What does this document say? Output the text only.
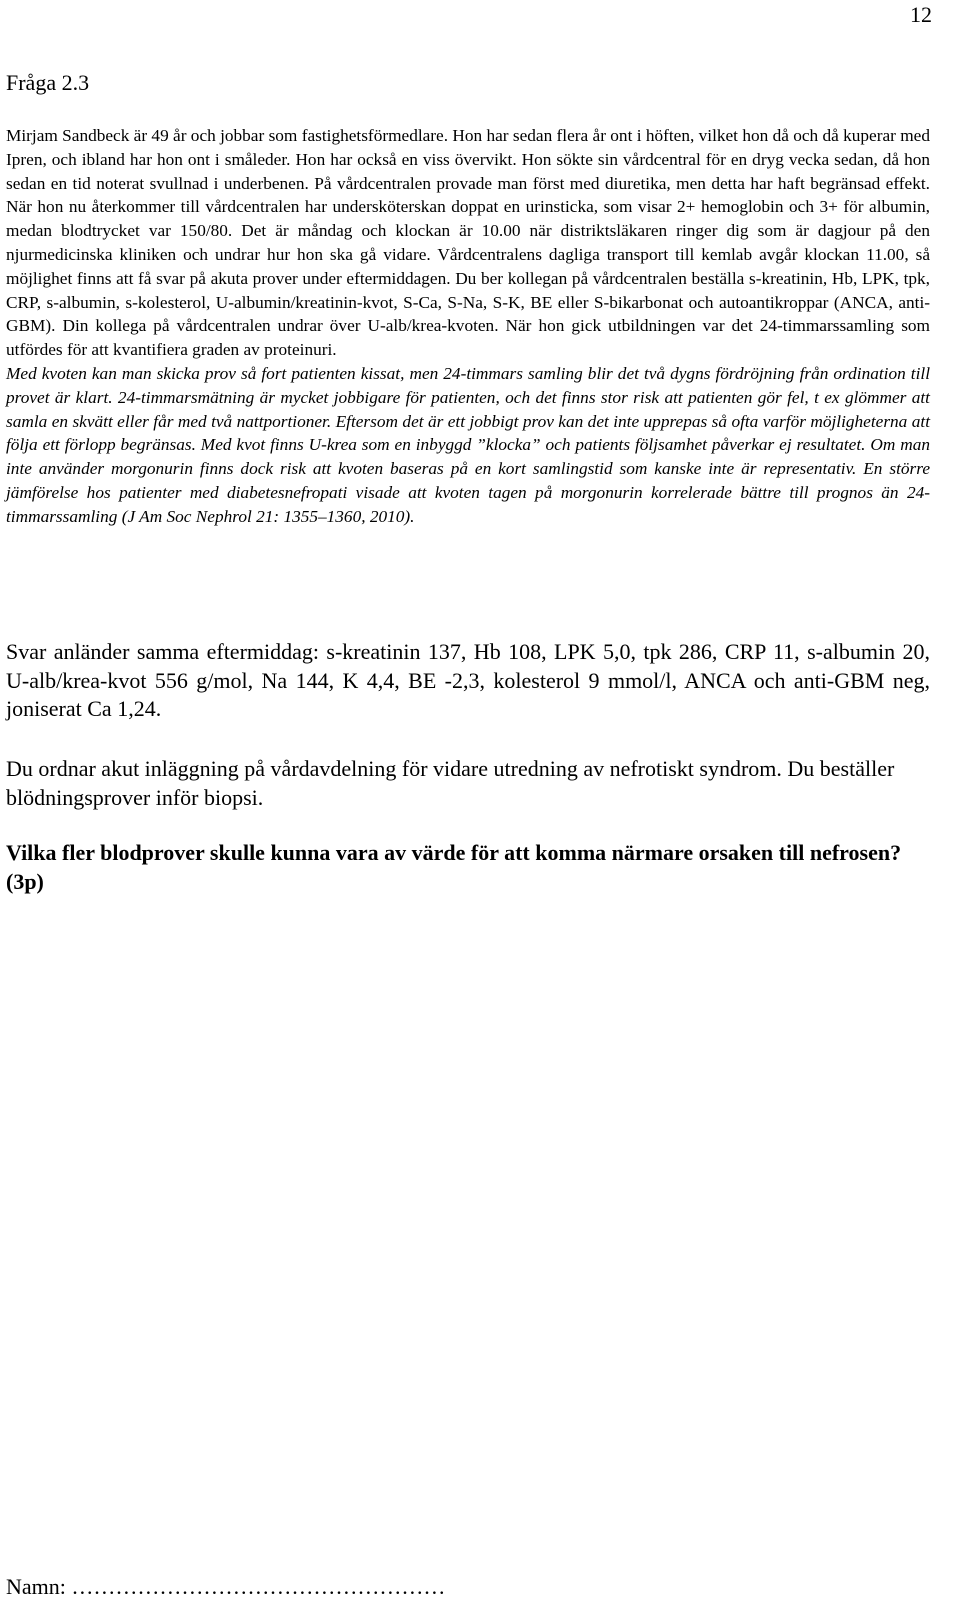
12
Fråga 2.3

Mirjam Sandbeck är 49 år och jobbar som fastighetsförmedlare. Hon har sedan flera år ont i höften, vilket hon då och då kuperar med Ipren, och ibland har hon ont i småleder. Hon har också en viss övervikt. Hon sökte sin vårdcentral för en dryg vecka sedan, då hon sedan en tid noterat svullnad i underbenen. På vårdcentralen provade man först med diuretika, men detta har haft begränsad effekt. När hon nu återkommer till vårdcentralen har undersköterskan doppat en urinsticka, som visar 2+ hemoglobin och 3+ för albumin, medan blodtrycket var 150/80. Det är måndag och klockan är 10.00 när distriktsläkaren ringer dig som är dagjour på den njurmedicinska kliniken och undrar hur hon ska gå vidare. Vårdcentralens dagliga transport till kemlab avgår klockan 11.00, så möjlighet finns att få svar på akuta prover under eftermiddagen. Du ber kollegan på vårdcentralen beställa s-kreatinin, Hb, LPK, tpk, CRP, s-albumin, s-kolesterol, U-albumin/kreatinin-kvot, S-Ca, S-Na, S-K, BE eller S-bikarbonat och autoantikroppar (ANCA, anti-GBM). Din kollega på vårdcentralen undrar över U-alb/krea-kvoten. När hon gick utbildningen var det 24-timmarssamling som utfördes för att kvantifiera graden av proteinuri.

Med kvoten kan man skicka prov så fort patienten kissat, men 24-timmars samling blir det två dygns fördröjning från ordination till provet är klart. 24-timmarsmätning är mycket jobbigare för patienten, och det finns stor risk att patienten gör fel, t ex glömmer att samla en skvätt eller får med två nattportioner. Eftersom det är ett jobbigt prov kan det inte upprepas så ofta varför möjligheterna att följa ett förlopp begränsas. Med kvot finns U-krea som en inbyggd ”klocka” och patients följsamhet påverkar ej resultatet. Om man inte använder morgonurin finns dock risk att kvoten baseras på en kort samlingstid som kanske inte är representativ. En större jämförelse hos patienter med diabetesnefropati visade att kvoten tagen på morgonurin korrelerade bättre till prognos än 24- timmarssamling (J Am Soc Nephrol 21: 1355–1360, 2010).

Svar anländer samma eftermiddag: s-kreatinin 137, Hb 108, LPK 5,0, tpk 286, CRP 11, s-albumin 20, U-alb/krea-kvot 556 g/mol, Na 144, K 4,4, BE -2,3, kolesterol 9 mmol/l, ANCA och anti-GBM neg, joniserat Ca 1,24.
Du ordnar akut inläggning på vårdavdelning för vidare utredning av nefrotiskt syndrom. Du beställer blödningsprover inför biopsi.
Vilka fler blodprover skulle kunna vara av värde för att komma närmare orsaken till nefrosen? (3p)
Namn: ……………………………………………
